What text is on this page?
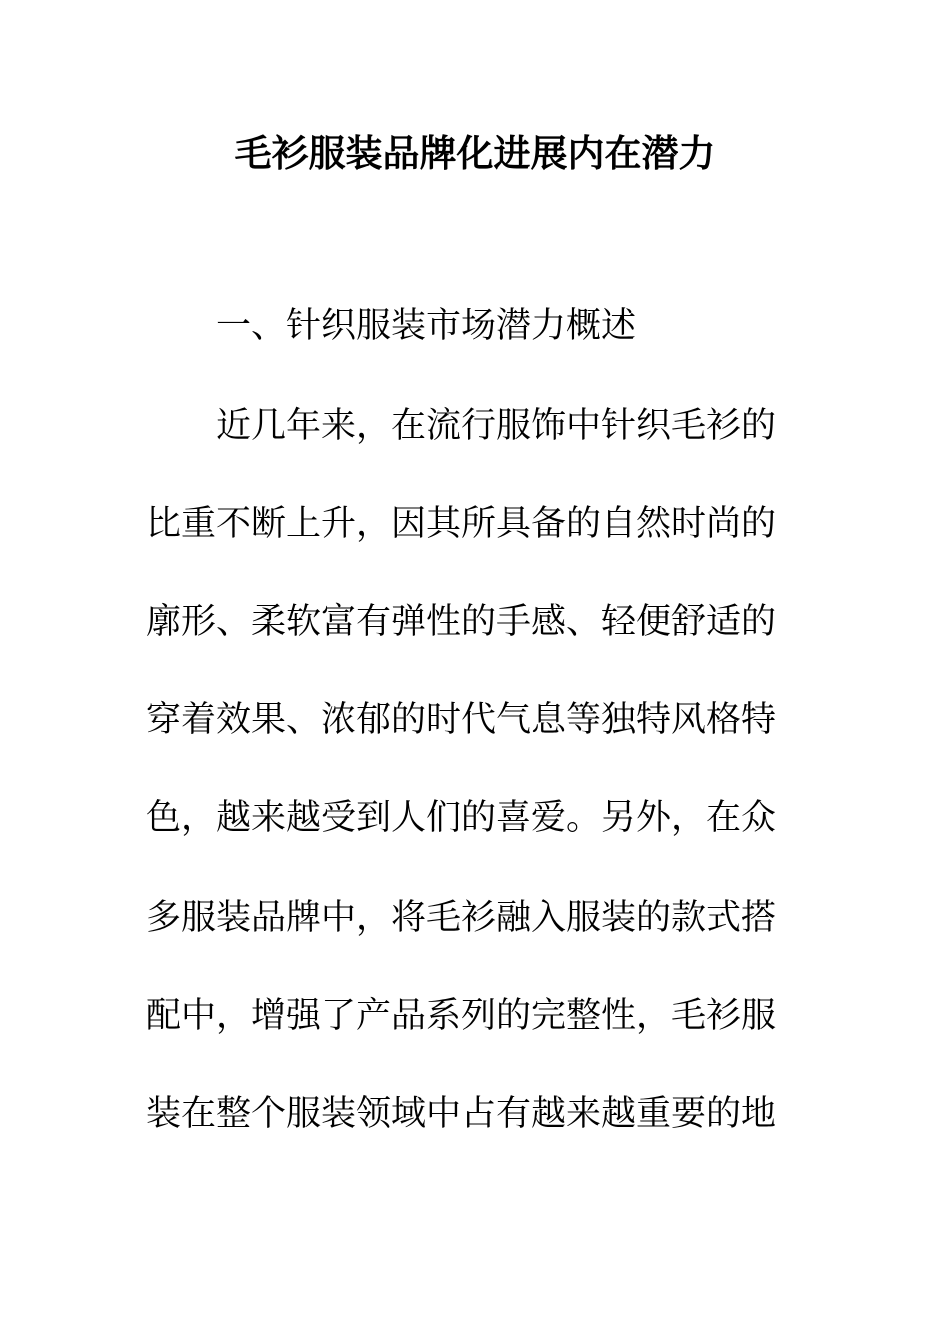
毛衫服装品牌化进展内在潜力
一、针织服装市场潜力概述
近几年来，在流行服饰中针织毛衫的
比重不断上升，因其所具备的自然时尚的
廓形、柔软富有弹性的手感、轻便舒适的
穿着效果、浓郁的时代气息等独特风格特
色，越来越受到人们的喜爱。另外，在众
多服装品牌中，将毛衫融入服装的款式搭
配中，增强了产品系列的完整性，毛衫服
装在整个服装领域中占有越来越重要的地
